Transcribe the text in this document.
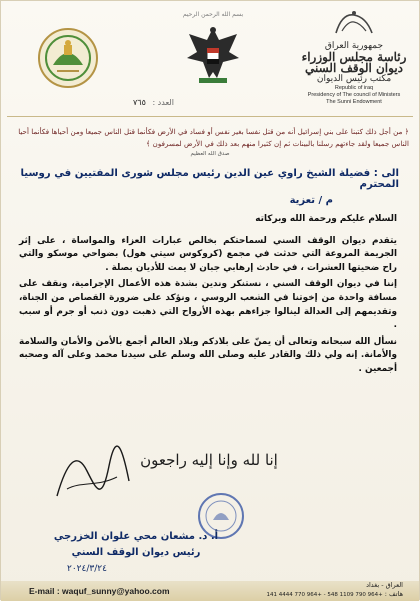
جمهورية العراق
رئاسة مجلس الوزراء
ديوان الوقف السني
مكتب رئيس الديوان
Republic of iraq
Presidency of The council of Ministers
The Sunni Endowment
بسم الله الرحمن الرحيم
العدد : ٧٦٥
﴿ من أجل ذلك كتبنا على بني إسرائيل أنه من قتل نفسا بغير نفس أو فساد في الأرض فكأنما قتل الناس جميعا ومن أحياها فكأنما أحيا الناس جميعا ولقد جاءتهم رسلنا بالبينات ثم إن كثيرا منهم بعد ذلك في الأرض لمسرفون ﴾
صدق الله العظيم
الى : فضيلة الشيخ راوي عين الدين رئيس مجلس شورى المفتيين في روسيا المحترم
م / تعزية

السلام عليكم ورحمة الله وبركاته

يتقدم ديوان الوقف السني لسماحتكم بخالص عبارات العزاء والمواساة ، على إثر الجريمة المروعة التي حدثت في مجمع (كروكوس سيتي هول) بضواحي موسكو والتي راح ضحيتها العشرات ، في حادث إرهابي جبان لا يمت للأديان بصلة .

إننا في ديوان الوقف السني ، نستنكر وندين بشدة هذه الأعمال الإجرامية، ونقف على مسافة واحدة من إخوتنا في الشعب الروسي ، ونؤكد على ضرورة القصاص من الجناة، وتقديمهم إلى العدالة لينالوا جزاءهم بهذه الأرواح التي ذهبت دون ذنب أو جرم أو سبب .

نسأل الله سبحانه وتعالى أن يمنّ على بلادكم وبلاد العالم أجمع بالأمن والأمان والسلامة والأمانة. إنه ولي ذلك والقادر عليه وصلى الله وسلم على سيدنا محمد وعلى آله وصحبه أجمعين .

إنا لله وإنا إليه راجعون
أ. د. مشعان محي علوان الخزرجي
رئيس ديوان الوقف السني
٢٠٢٤/٣/٢٤
E-mail : waquf_sunny@yahoo.com
العراق - بغداد
هاتف : +964 790 1109 548 - +964 770 4444 141
